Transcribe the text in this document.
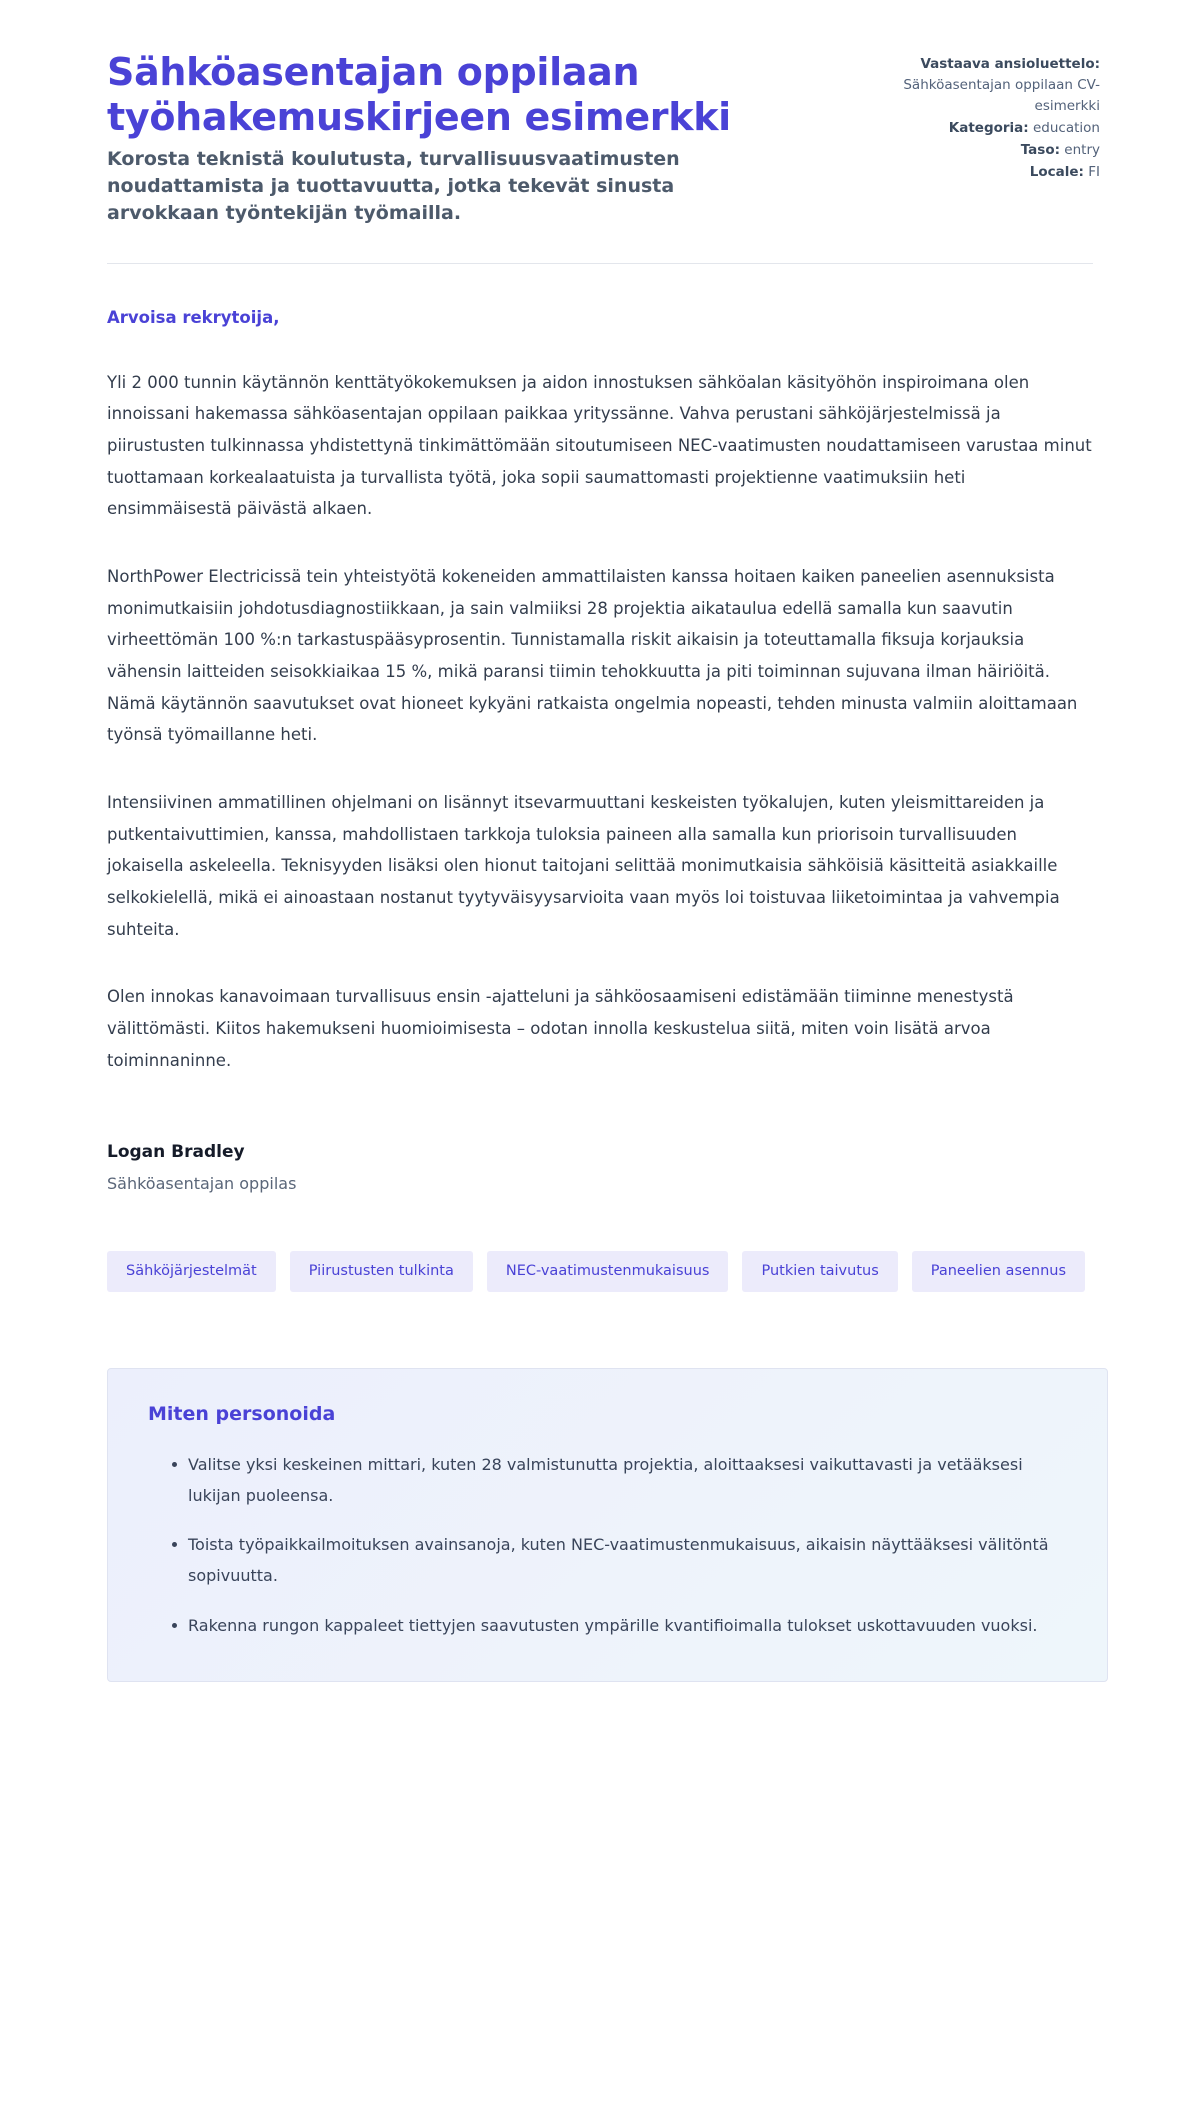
Sähköasentajan oppilaan työhakemuskirjeen esimerkki

Korosta teknistä koulutusta, turvallisuusvaatimusten noudattamista ja tuottavuutta, jotka tekevät sinusta arvokkaan työntekijän työmailla.

Vastaava ansioluettelo:
Sähköasentajan oppilaan CV-esimerkki

Kategoria: education

Taso: entry

Locale: FI

Arvoisa rekrytoija,

Yli 2 000 tunnin käytännön kenttätyökokemuksen ja aidon innostuksen sähköalan käsityöhön inspiroimana olen innoissani hakemassa sähköasentajan oppilaan paikkaa yrityssänne. Vahva perustani sähköjärjestelmissä ja piirustusten tulkinnassa yhdistettynä tinkimättömään sitoutumiseen NEC-vaatimusten noudattamiseen varustaa minut tuottamaan korkealaatuista ja turvallista työtä, joka sopii saumattomasti projektienne vaatimuksiin heti ensimmäisestä päivästä alkaen.

NorthPower Electricissä tein yhteistyötä kokeneiden ammattilaisten kanssa hoitaen kaiken paneelien asennuksista monimutkaisiin johdotusdiagnostiikkaan, ja sain valmiiksi 28 projektia aikataulua edellä samalla kun saavutin virheettömän 100 %:n tarkastuspääsyprosentin. Tunnistamalla riskit aikaisin ja toteuttamalla fiksuja korjauksia vähensin laitteiden seisokkiaikaa 15 %, mikä paransi tiimin tehokkuutta ja piti toiminnan sujuvana ilman häiriöitä. Nämä käytännön saavutukset ovat hioneet kykyäni ratkaista ongelmia nopeasti, tehden minusta valmiin aloittamaan työnsä työmaillanne heti.

Intensiivinen ammatillinen ohjelmani on lisännyt itsevarmuuttani keskeisten työkalujen, kuten yleismittareiden ja putkentaivuttimien, kanssa, mahdollistaen tarkkoja tuloksia paineen alla samalla kun priorisoin turvallisuuden jokaisella askeleella. Teknisyyden lisäksi olen hionut taitojani selittää monimutkaisia sähköisiä käsitteitä asiakkaille selkokielellä, mikä ei ainoastaan nostanut tyytyväisyysarvioita vaan myös loi toistuvaa liiketoimintaa ja vahvempia suhteita.

Olen innokas kanavoimaan turvallisuus ensin -ajatteluni ja sähköosaamiseni edistämään tiiminne menestystä välittömästi. Kiitos hakemukseni huomioimisesta – odotan innolla keskustelua siitä, miten voin lisätä arvoa toiminnaninne.

Logan Bradley

Sähköasentajan oppilas

Sähköjärjestelmät	Piirustusten tulkinta	NEC-vaatimustenmukaisuus	Putkien taivutus	Paneelien asennus

Miten personoida

Valitse yksi keskeinen mittari, kuten 28 valmistunutta projektia, aloittaaksesi vaikuttavasti ja vetääksesi lukijan puoleensa.
Toista työpaikkailmoituksen avainsanoja, kuten NEC-vaatimustenmukaisuus, aikaisin näyttääksesi välitöntä sopivuutta.
Rakenna rungon kappaleet tiettyjen saavutusten ympärille kvantifioimalla tulokset uskottavuuden vuoksi.
